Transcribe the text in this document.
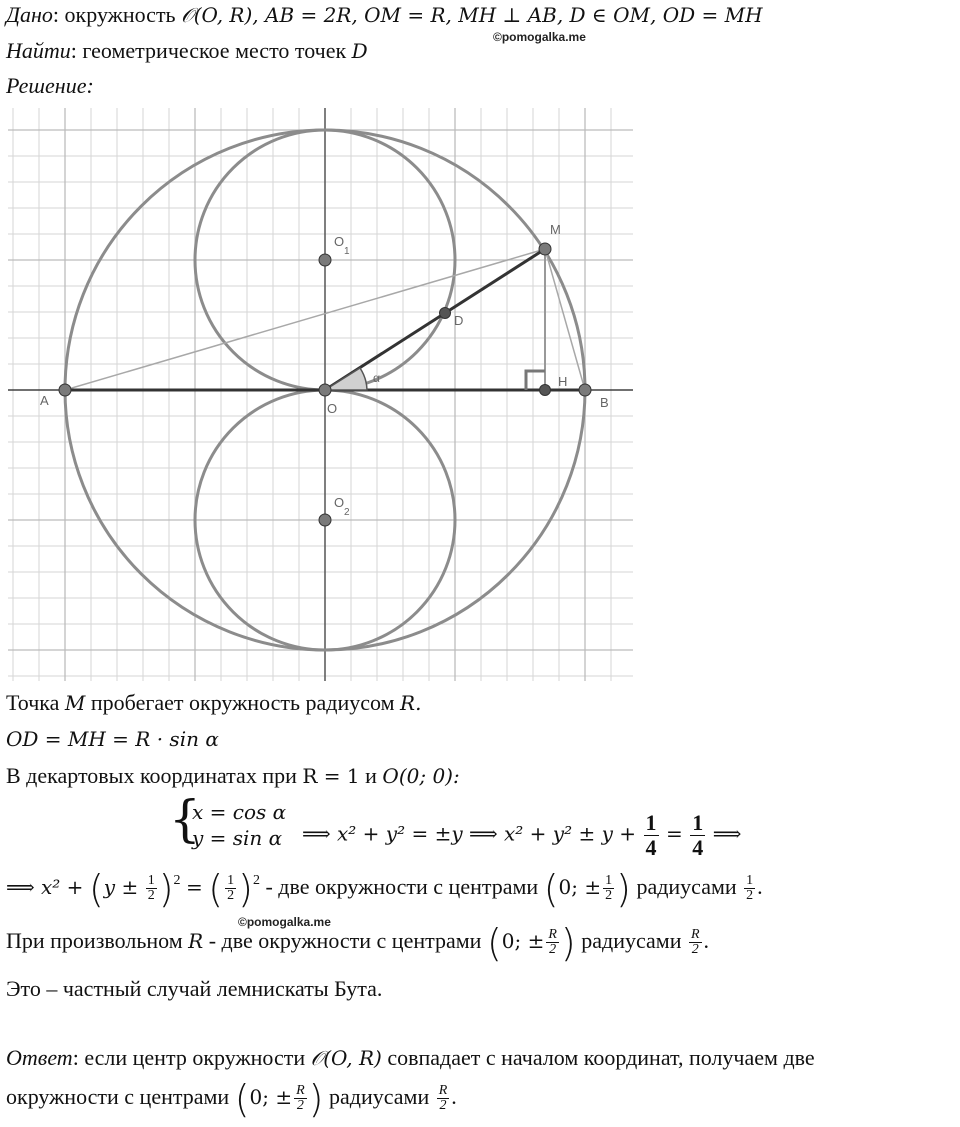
Дано: окружность 𝒪(O, R), AB = 2R, OM = R, MH ⊥ AB, D ∈ OM, OD = MH
©pomogalka.me
Найти: геометрическое место точек D
Решение:
A	B
O
O
1
O
2
M
D
H
α
Точка M пробегает окружность радиусом R.
OD = MH = R · sin α
В декартовых координатах при R = 1 и O(0; 0):
{
x = cos α
y = sin α ⟹ x² + y² = ±y ⟹ $x^2 + y^2 \pm y + \frac{1}{4} = \frac{1}{4}$ ⟹
⟹ $x^2 + (y \pm \frac{1}{2} )^2$ = ( $\frac{1}{2} )^2$ - две окружности с центрами (0; ± $\frac{1}{2}$ ) радиусами $\frac{1}{2}$ .
©pomogalka.me
При произвольном R - две окружности с центрами (0; ± $\frac{R}{2}$ ) радиусами $\frac{R}{2}$ .
Это – частный случай лемнискаты Бута.
Ответ: если центр окружности 𝒪(O, R) совпадает с началом координат, получаем две
окружности с центрами (0; ± $\frac{R}{2}$ ) радиусами $\frac{R}{2}$ .
